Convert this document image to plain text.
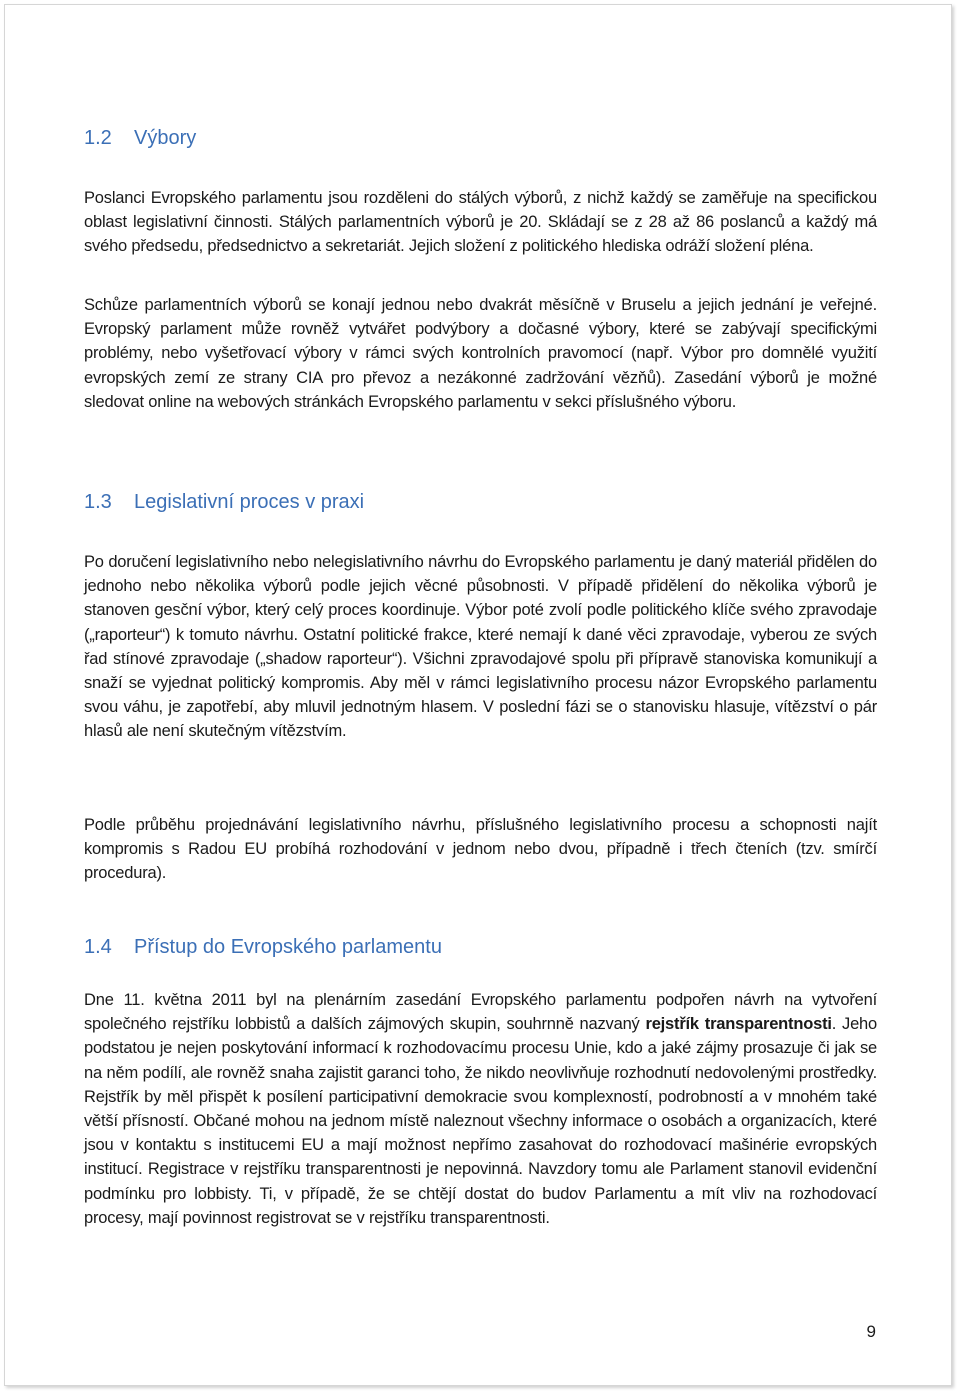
1.2 Výbory

Poslanci Evropského parlamentu jsou rozděleni do stálých výborů, z nichž každý se zaměřuje na specifickou oblast legislativní činnosti. Stálých parlamentních výborů je 20. Skládají se z 28 až 86 poslanců a každý má svého předsedu, předsednictvo a sekretariát. Jejich složení z politického hlediska odráží složení pléna.

Schůze parlamentních výborů se konají jednou nebo dvakrát měsíčně v Bruselu a jejich jednání je veřejné. Evropský parlament může rovněž vytvářet podvýbory a dočasné výbory, které se zabývají specifickými problémy, nebo vyšetřovací výbory v rámci svých kontrolních pravomocí (např. Výbor pro domnělé využití evropských zemí ze strany CIA pro převoz a nezákonné zadržování vězňů). Zasedání výborů je možné sledovat online na webových stránkách Evropského parlamentu v sekci příslušného výboru.

1.3 Legislativní proces v praxi

Po doručení legislativního nebo nelegislativního návrhu do Evropského parlamentu je daný materiál přidělen do jednoho nebo několika výborů podle jejich věcné působnosti. V případě přidělení do několika výborů je stanoven gesční výbor, který celý proces koordinuje. Výbor poté zvolí podle politického klíče svého zpravodaje („raporteur“) k tomuto návrhu. Ostatní politické frakce, které nemají k dané věci zpravodaje, vyberou ze svých řad stínové zpravodaje („shadow raporteur“). Všichni zpravodajové spolu při přípravě stanoviska komunikují a snaží se vyjednat politický kompromis. Aby měl v rámci legislativního procesu názor Evropského parlamentu svou váhu, je zapotřebí, aby mluvil jednotným hlasem. V poslední fázi se o stanovisku hlasuje, vítězství o pár hlasů ale není skutečným vítězstvím.

Podle průběhu projednávání legislativního návrhu, příslušného legislativního procesu a schopnosti najít kompromis s Radou EU probíhá rozhodování v jednom nebo dvou, případně i třech čteních (tzv. smírčí procedura).

1.4 Přístup do Evropského parlamentu

Dne 11. května 2011 byl na plenárním zasedání Evropského parlamentu podpořen návrh na vytvoření společného rejstříku lobbistů a dalších zájmových skupin, souhrnně nazvaný rejstřík transparentnosti. Jeho podstatou je nejen poskytování informací k rozhodovacímu procesu Unie, kdo a jaké zájmy prosazuje či jak se na něm podílí, ale rovněž snaha zajistit garanci toho, že nikdo neovlivňuje rozhodnutí nedovolenými prostředky. Rejstřík by měl přispět k posílení participativní demokracie svou komplexností, podrobností a v mnohém také větší přísností. Občané mohou na jednom místě naleznout všechny informace o osobách a organizacích, které jsou v kontaktu s institucemi EU a mají možnost nepřímo zasahovat do rozhodovací mašinérie evropských institucí. Registrace v rejstříku transparentnosti je nepovinná. Navzdory tomu ale Parlament stanovil evidenční podmínku pro lobbisty. Ti, v případě, že se chtějí dostat do budov Parlamentu a mít vliv na rozhodovací procesy, mají povinnost registrovat se v rejstříku transparentnosti.

9
